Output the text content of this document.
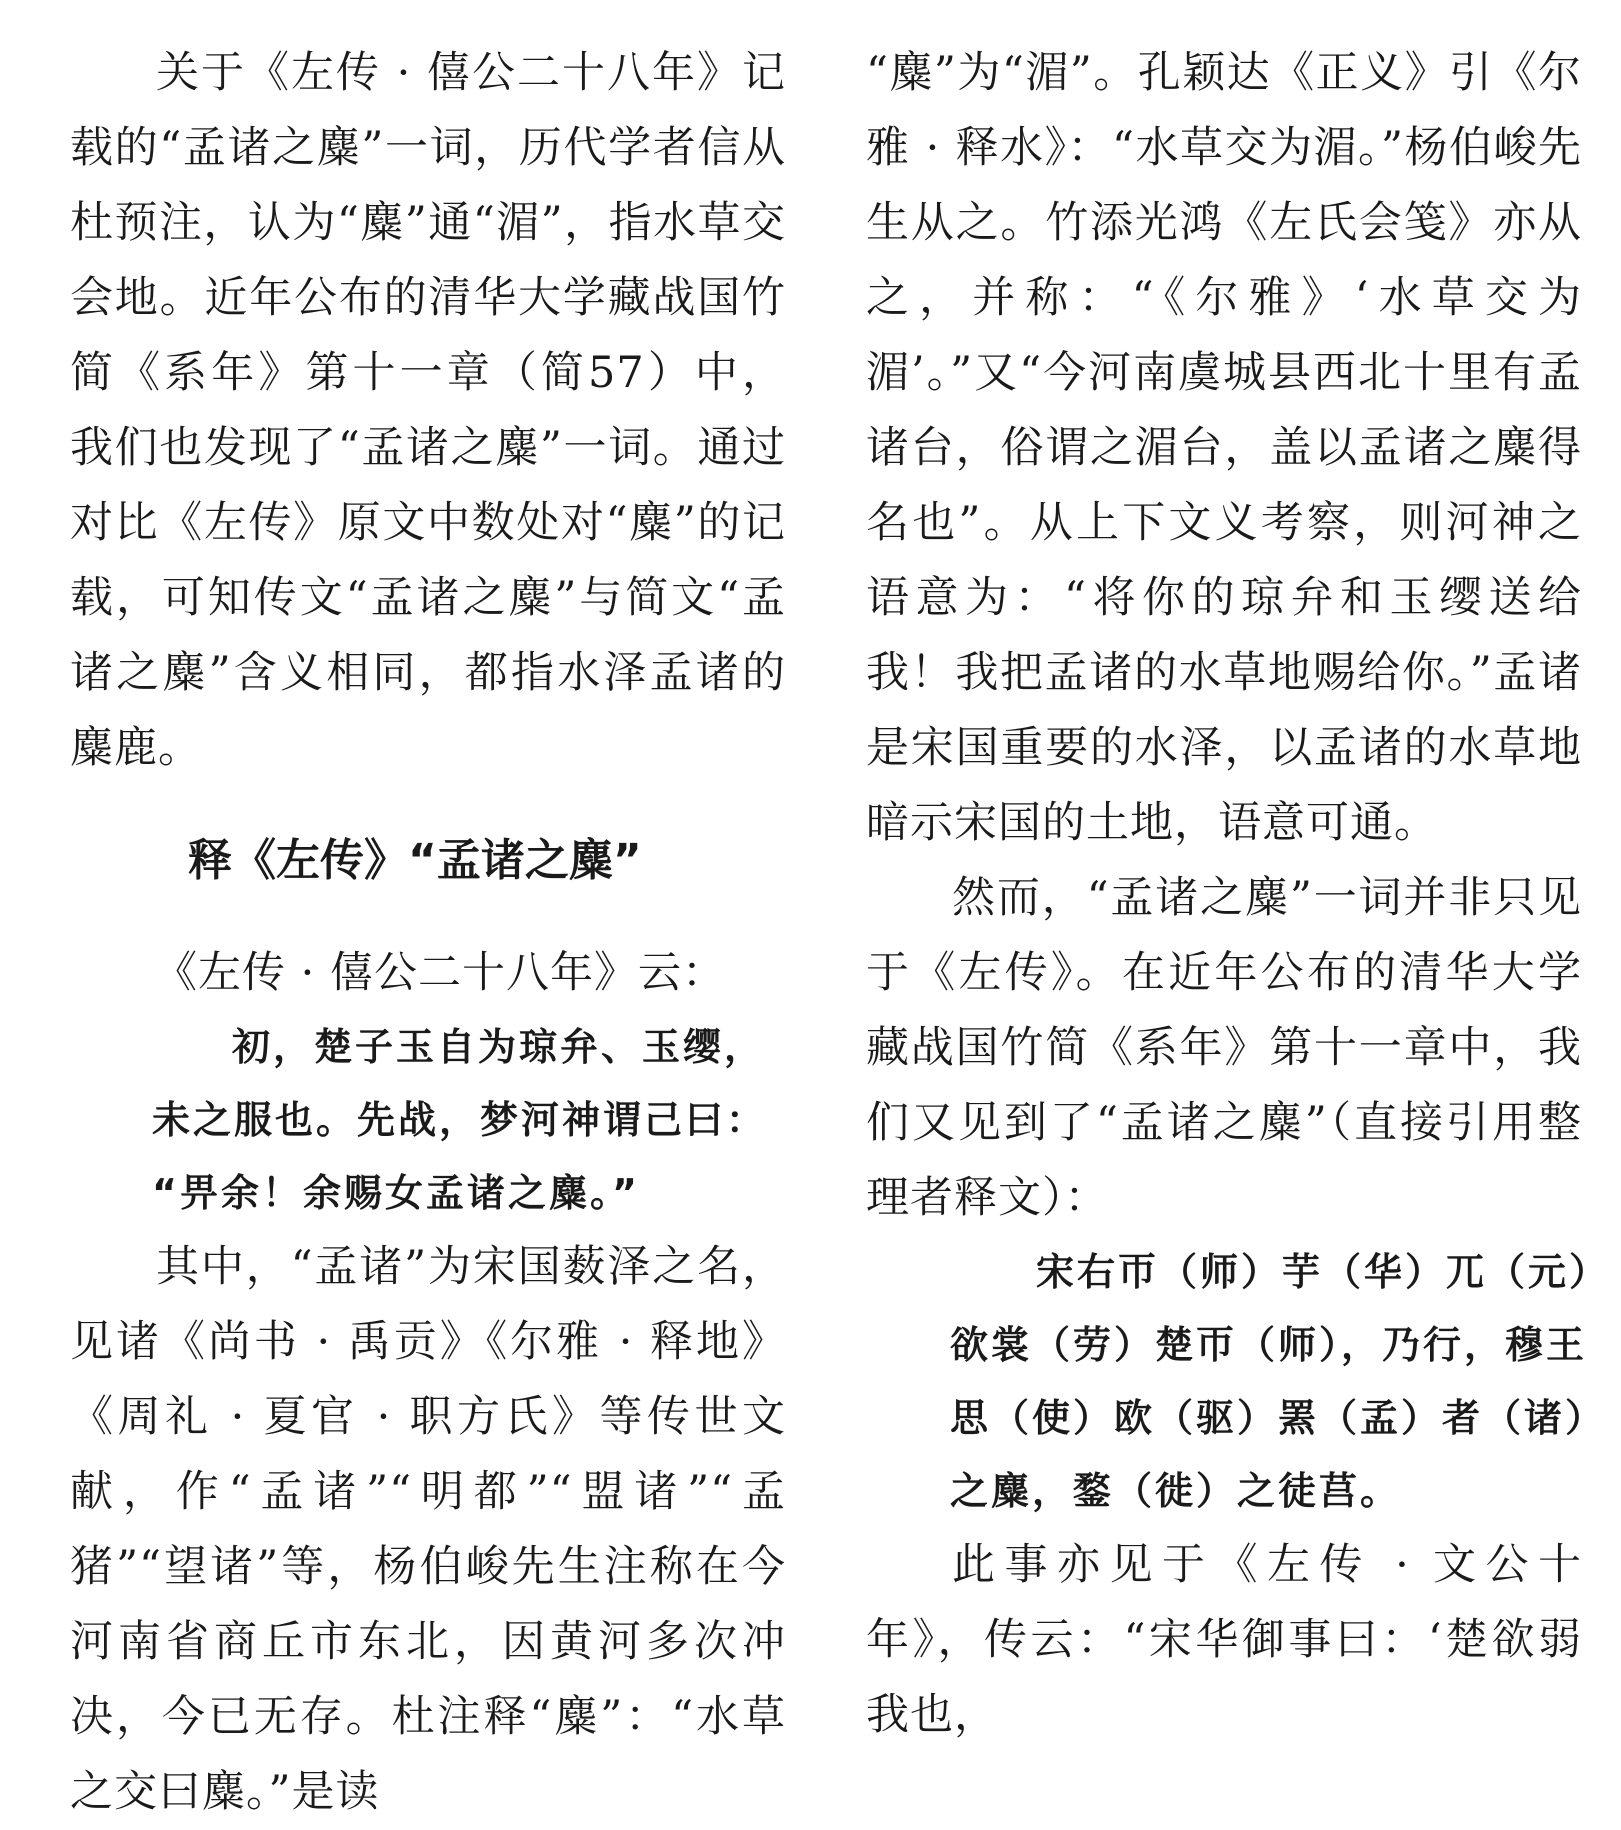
关于《左传 · 僖公二十八年》记载的“孟诸之麋”一词，历代学者信从杜预注，认为“麋”通“湄”，指水草交会地。近年公布的清华大学藏战国竹简《系年》第十一章（简57）中，我们也发现了“孟诸之麋”一词。通过对比《左传》原文中数处对“麋”的记载，可知传文“孟诸之麋”与简文“孟诸之麋”含义相同，都指水泽孟诸的麋鹿。

释《左传》“孟诸之麋”

《左传 · 僖公二十八年》云：

初，楚子玉自为琼弁、玉缨，
未之服也。先战，梦河神谓己曰：
“畀余！余赐女孟诸之麋。”

其中，“孟诸”为宋国薮泽之名，见诸《尚书 · 禹贡》《尔雅 · 释地》《周礼 · 夏官 · 职方氏》等传世文献，作“孟诸”“明都”“盟诸”“孟猪”“望诸”等，杨伯峻先生注称在今河南省商丘市东北，因黄河多次冲决，今已无存。杜注释“麋”：“水草之交曰麋。”是读

“麋”为“湄”。孔颖达《正义》引《尔雅 · 释水》：“水草交为湄。”杨伯峻先生从之。竹添光鸿《左氏会笺》亦从之，并称：“《尔雅》‘水草交为湄’。”又“今河南虞城县西北十里有孟诸台，俗谓之湄台，盖以孟诸之麋得名也”。从上下文义考察，则河神之语意为：“将你的琼弁和玉缨送给我！我把孟诸的水草地赐给你。”孟诸是宋国重要的水泽，以孟诸的水草地暗示宋国的土地，语意可通。

然而，“孟诸之麋”一词并非只见于《左传》。在近年公布的清华大学藏战国竹简《系年》第十一章中，我们又见到了“孟诸之麋”（直接引用整理者释文）：

宋右帀（师）芋（华）兀（元）
欲裳（劳）楚帀（师），乃行，穆王
思（使）欧（驱）罴（孟）者（诸）
之麋，鍪（徙）之徒莒。

此事亦见于《左传 · 文公十年》，传云：“宋华御事曰：‘楚欲弱我也，
